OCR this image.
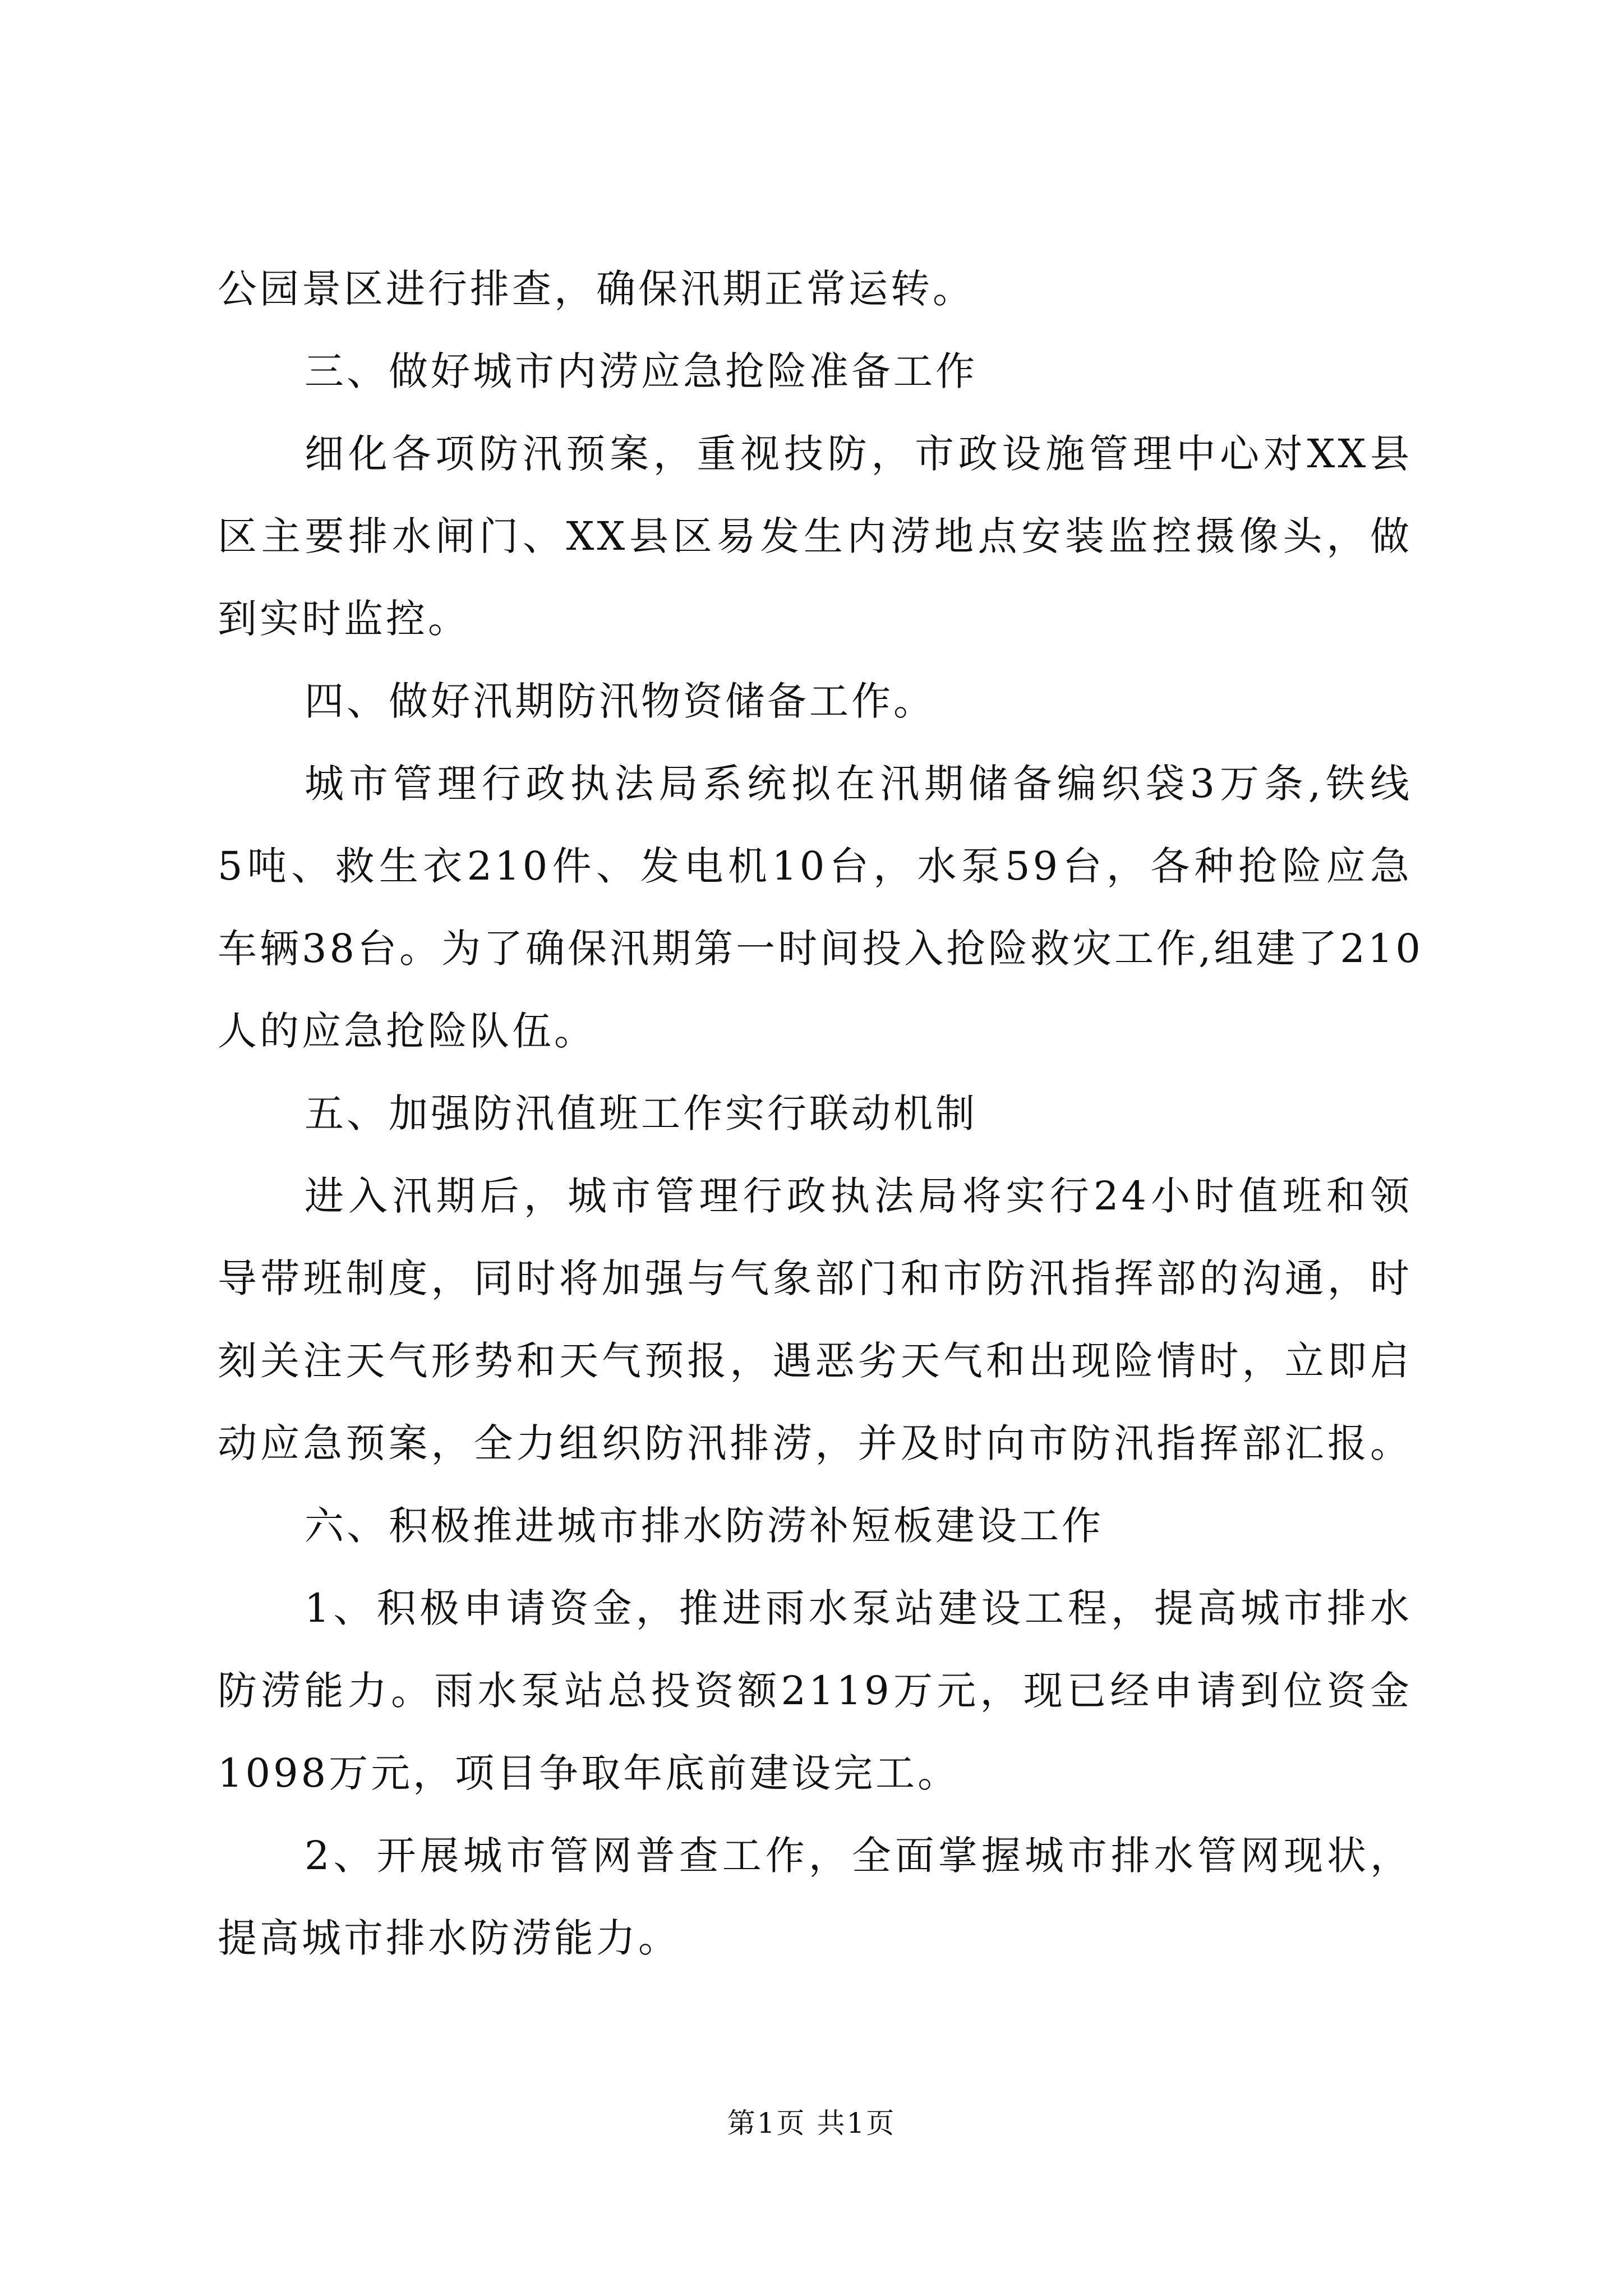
公园景区进行排查，确保汛期正常运转。

三、做好城市内涝应急抢险准备工作

细化各项防汛预案，重视技防，市政设施管理中心对XX县

区主要排水闸门、XX县区易发生内涝地点安装监控摄像头，做

到实时监控。

四、做好汛期防汛物资储备工作。

城市管理行政执法局系统拟在汛期储备编织袋3万条,铁线

5吨、救生衣210件、发电机10台，水泵59台，各种抢险应急

车辆38台。为了确保汛期第一时间投入抢险救灾工作,组建了210

人的应急抢险队伍。

五、加强防汛值班工作实行联动机制

进入汛期后，城市管理行政执法局将实行24小时值班和领

导带班制度，同时将加强与气象部门和市防汛指挥部的沟通，时

刻关注天气形势和天气预报，遇恶劣天气和出现险情时，立即启

动应急预案，全力组织防汛排涝，并及时向市防汛指挥部汇报。

六、积极推进城市排水防涝补短板建设工作

1、积极申请资金，推进雨水泵站建设工程，提高城市排水

防涝能力。雨水泵站总投资额2119万元，现已经申请到位资金

1098万元，项目争取年底前建设完工。

2、开展城市管网普查工作，全面掌握城市排水管网现状，

提高城市排水防涝能力。

第1页 共1页
